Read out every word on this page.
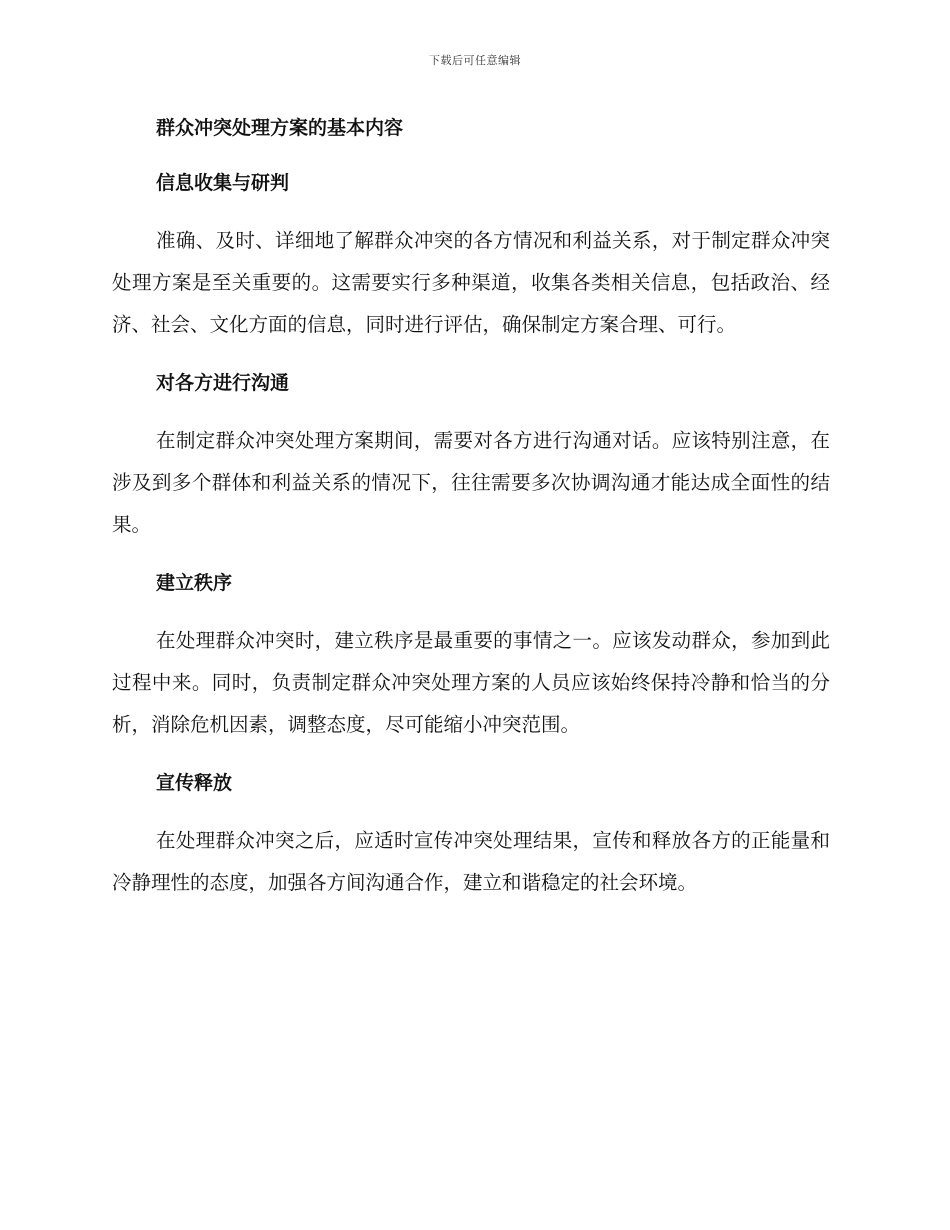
下载后可任意编辑
群众冲突处理方案的基本内容
信息收集与研判

准确、及时、详细地了解群众冲突的各方情况和利益关系，对于制定群众冲突处理方案是至关重要的。这需要实行多种渠道，收集各类相关信息，包括政治、经济、社会、文化方面的信息，同时进行评估，确保制定方案合理、可行。

对各方进行沟通

在制定群众冲突处理方案期间，需要对各方进行沟通对话。应该特别注意，在涉及到多个群体和利益关系的情况下，往往需要多次协调沟通才能达成全面性的结果。

建立秩序

在处理群众冲突时，建立秩序是最重要的事情之一。应该发动群众，参加到此过程中来。同时，负责制定群众冲突处理方案的人员应该始终保持冷静和恰当的分析，消除危机因素，调整态度，尽可能缩小冲突范围。

宣传释放

在处理群众冲突之后，应适时宣传冲突处理结果，宣传和释放各方的正能量和冷静理性的态度，加强各方间沟通合作，建立和谐稳定的社会环境。
